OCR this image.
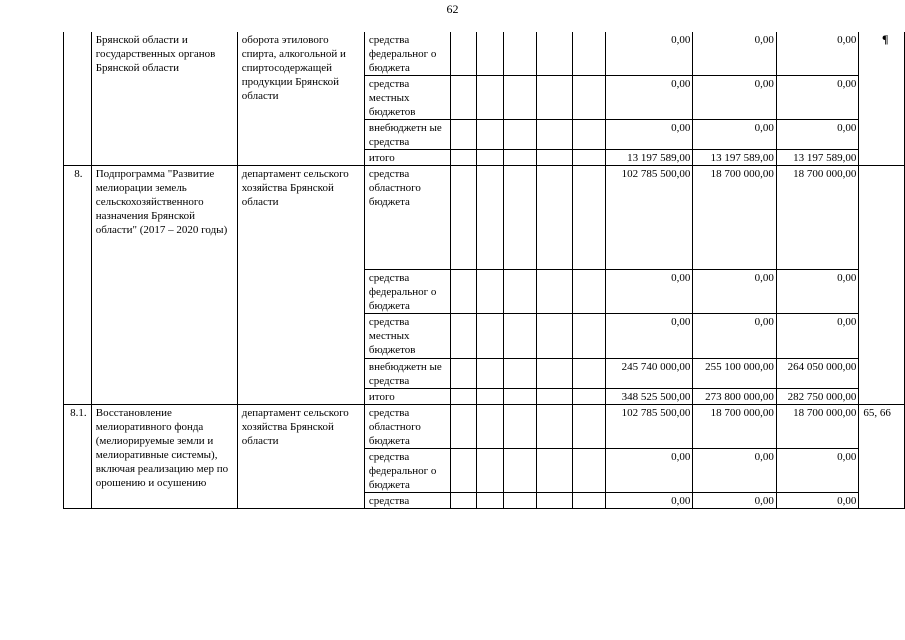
62
¶
	Брянской области и государственных органов Брянской области	оборота этилового спирта, алкогольной и спиртосодержащей продукции Брянской области	средства федеральног о бюджета						0,00	0,00	0,00	
			средства местных бюджетов						0,00	0,00	0,00	
			внебюджетн ые средства						0,00	0,00	0,00	
			итого						13 197 589,00	13 197 589,00	13 197 589,00	
8.	Подпрограмма "Развитие мелиорации земель сельскохозяйственного назначения Брянской области" (2017 – 2020 годы)	департамент сельского хозяйства Брянской области	средства областного бюджета						102 785 500,00	18 700 000,00	18 700 000,00	
			средства федеральног о бюджета						0,00	0,00	0,00	
			средства местных бюджетов						0,00	0,00	0,00	
			внебюджетн ые средства						245 740 000,00	255 100 000,00	264 050 000,00	
			итого						348 525 500,00	273 800 000,00	282 750 000,00	
8.1.	Восстановление мелиоративного фонда (мелиорируемые земли и мелиоративные системы), включая реализацию мер по орошению и осушению	департамент сельского хозяйства Брянской области	средства областного бюджета						102 785 500,00	18 700 000,00	18 700 000,00	65, 66
			средства федеральног о бюджета						0,00	0,00	0,00	
			средства						0,00	0,00	0,00	
